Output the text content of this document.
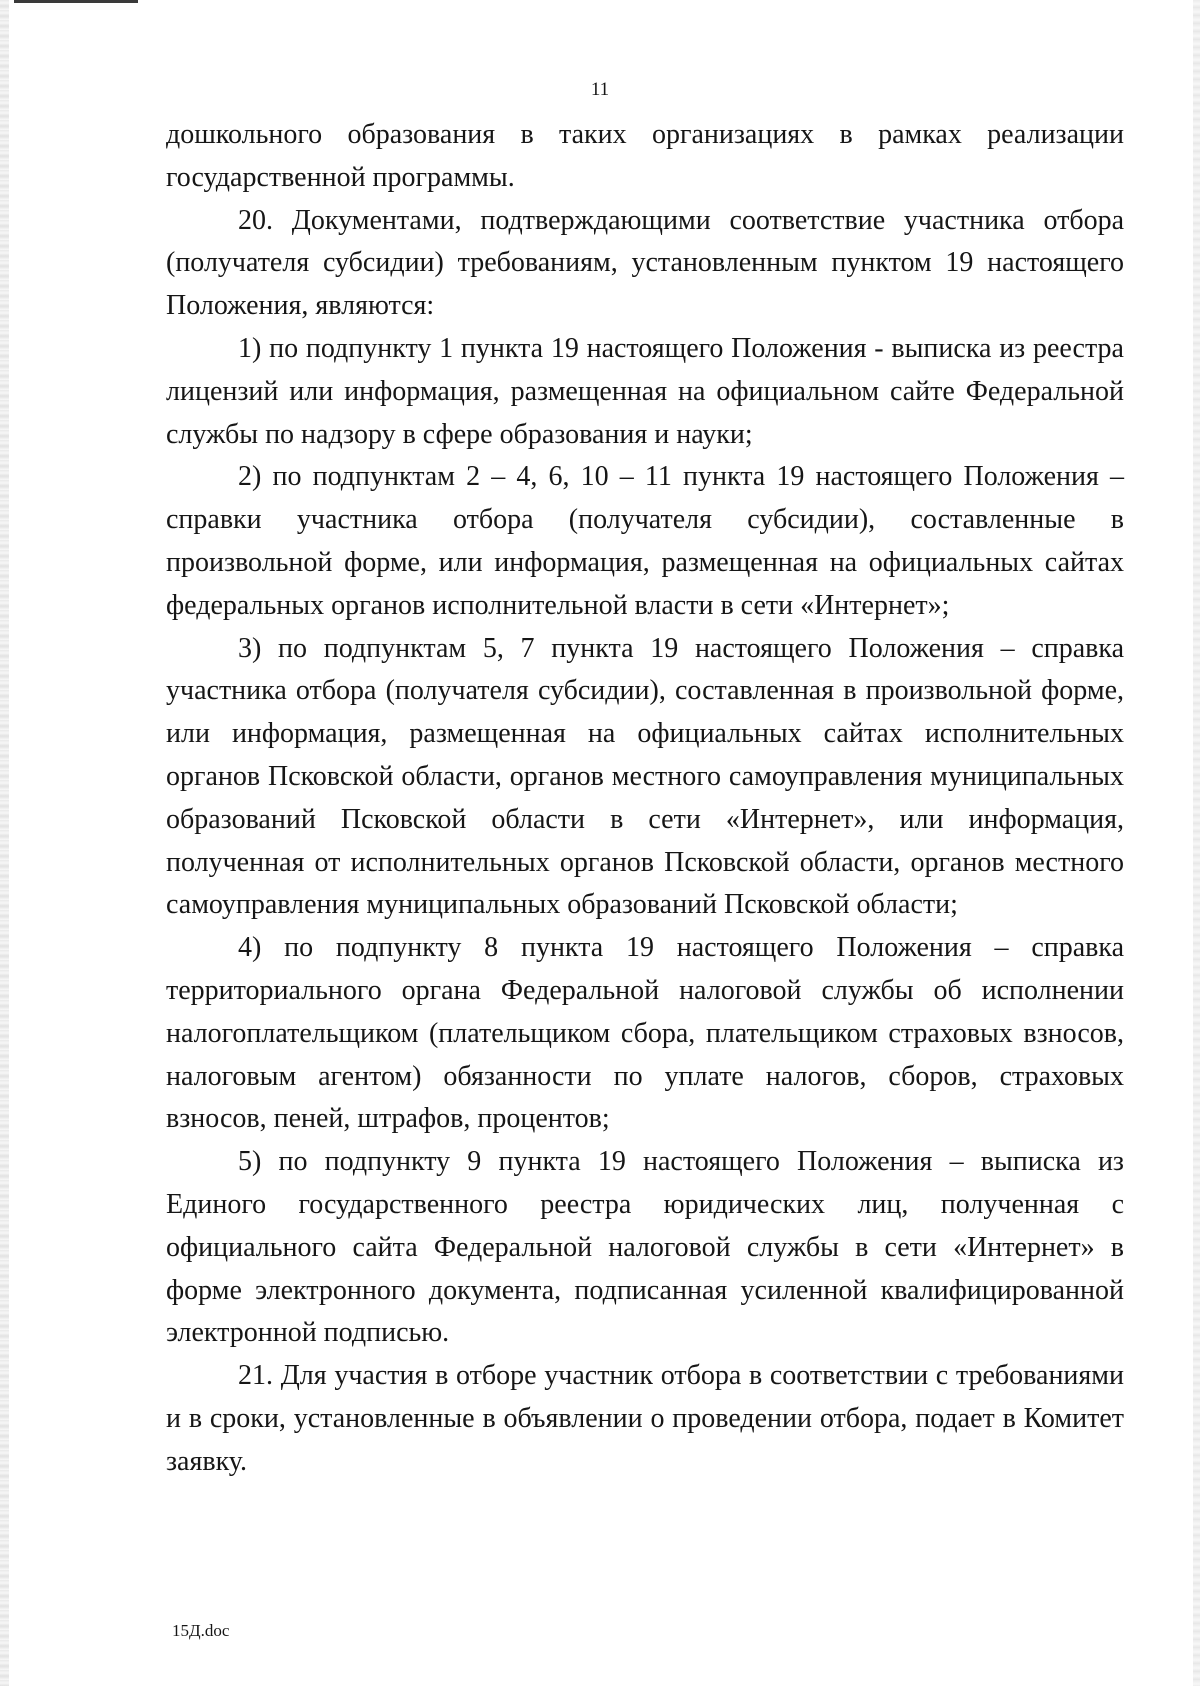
11

дошкольного образования в таких организациях в рамках реализации государственной программы.

20. Документами, подтверждающими соответствие участника отбора (получателя субсидии) требованиям, установленным пунктом 19 настоящего Положения, являются:

1) по подпункту 1 пункта 19 настоящего Положения - выписка из реестра лицензий или информация, размещенная на официальном сайте Федеральной службы по надзору в сфере образования и науки;

2) по подпунктам 2 – 4, 6, 10 – 11 пункта 19 настоящего Положения – справки участника отбора (получателя субсидии), составленные в произвольной форме, или информация, размещенная на официальных сайтах федеральных органов исполнительной власти в сети «Интернет»;

3) по подпунктам 5, 7 пункта 19 настоящего Положения – справка участника отбора (получателя субсидии), составленная в произвольной форме, или информация, размещенная на официальных сайтах исполнительных органов Псковской области, органов местного самоуправления муниципальных образований Псковской области в сети «Интернет», или информация, полученная от исполнительных органов Псковской области, органов местного самоуправления муниципальных образований Псковской области;

4) по подпункту 8 пункта 19 настоящего Положения – справка территориального органа Федеральной налоговой службы об исполнении налогоплательщиком (плательщиком сбора, плательщиком страховых взносов, налоговым агентом) обязанности по уплате налогов, сборов, страховых взносов, пеней, штрафов, процентов;

5) по подпункту 9 пункта 19 настоящего Положения – выписка из Единого государственного реестра юридических лиц, полученная с официального сайта Федеральной налоговой службы в сети «Интернет» в форме электронного документа, подписанная усиленной квалифицированной электронной подписью.

21. Для участия в отборе участник отбора в соответствии с требованиями и в сроки, установленные в объявлении о проведении отбора, подает в Комитет заявку.

15Д.doc
